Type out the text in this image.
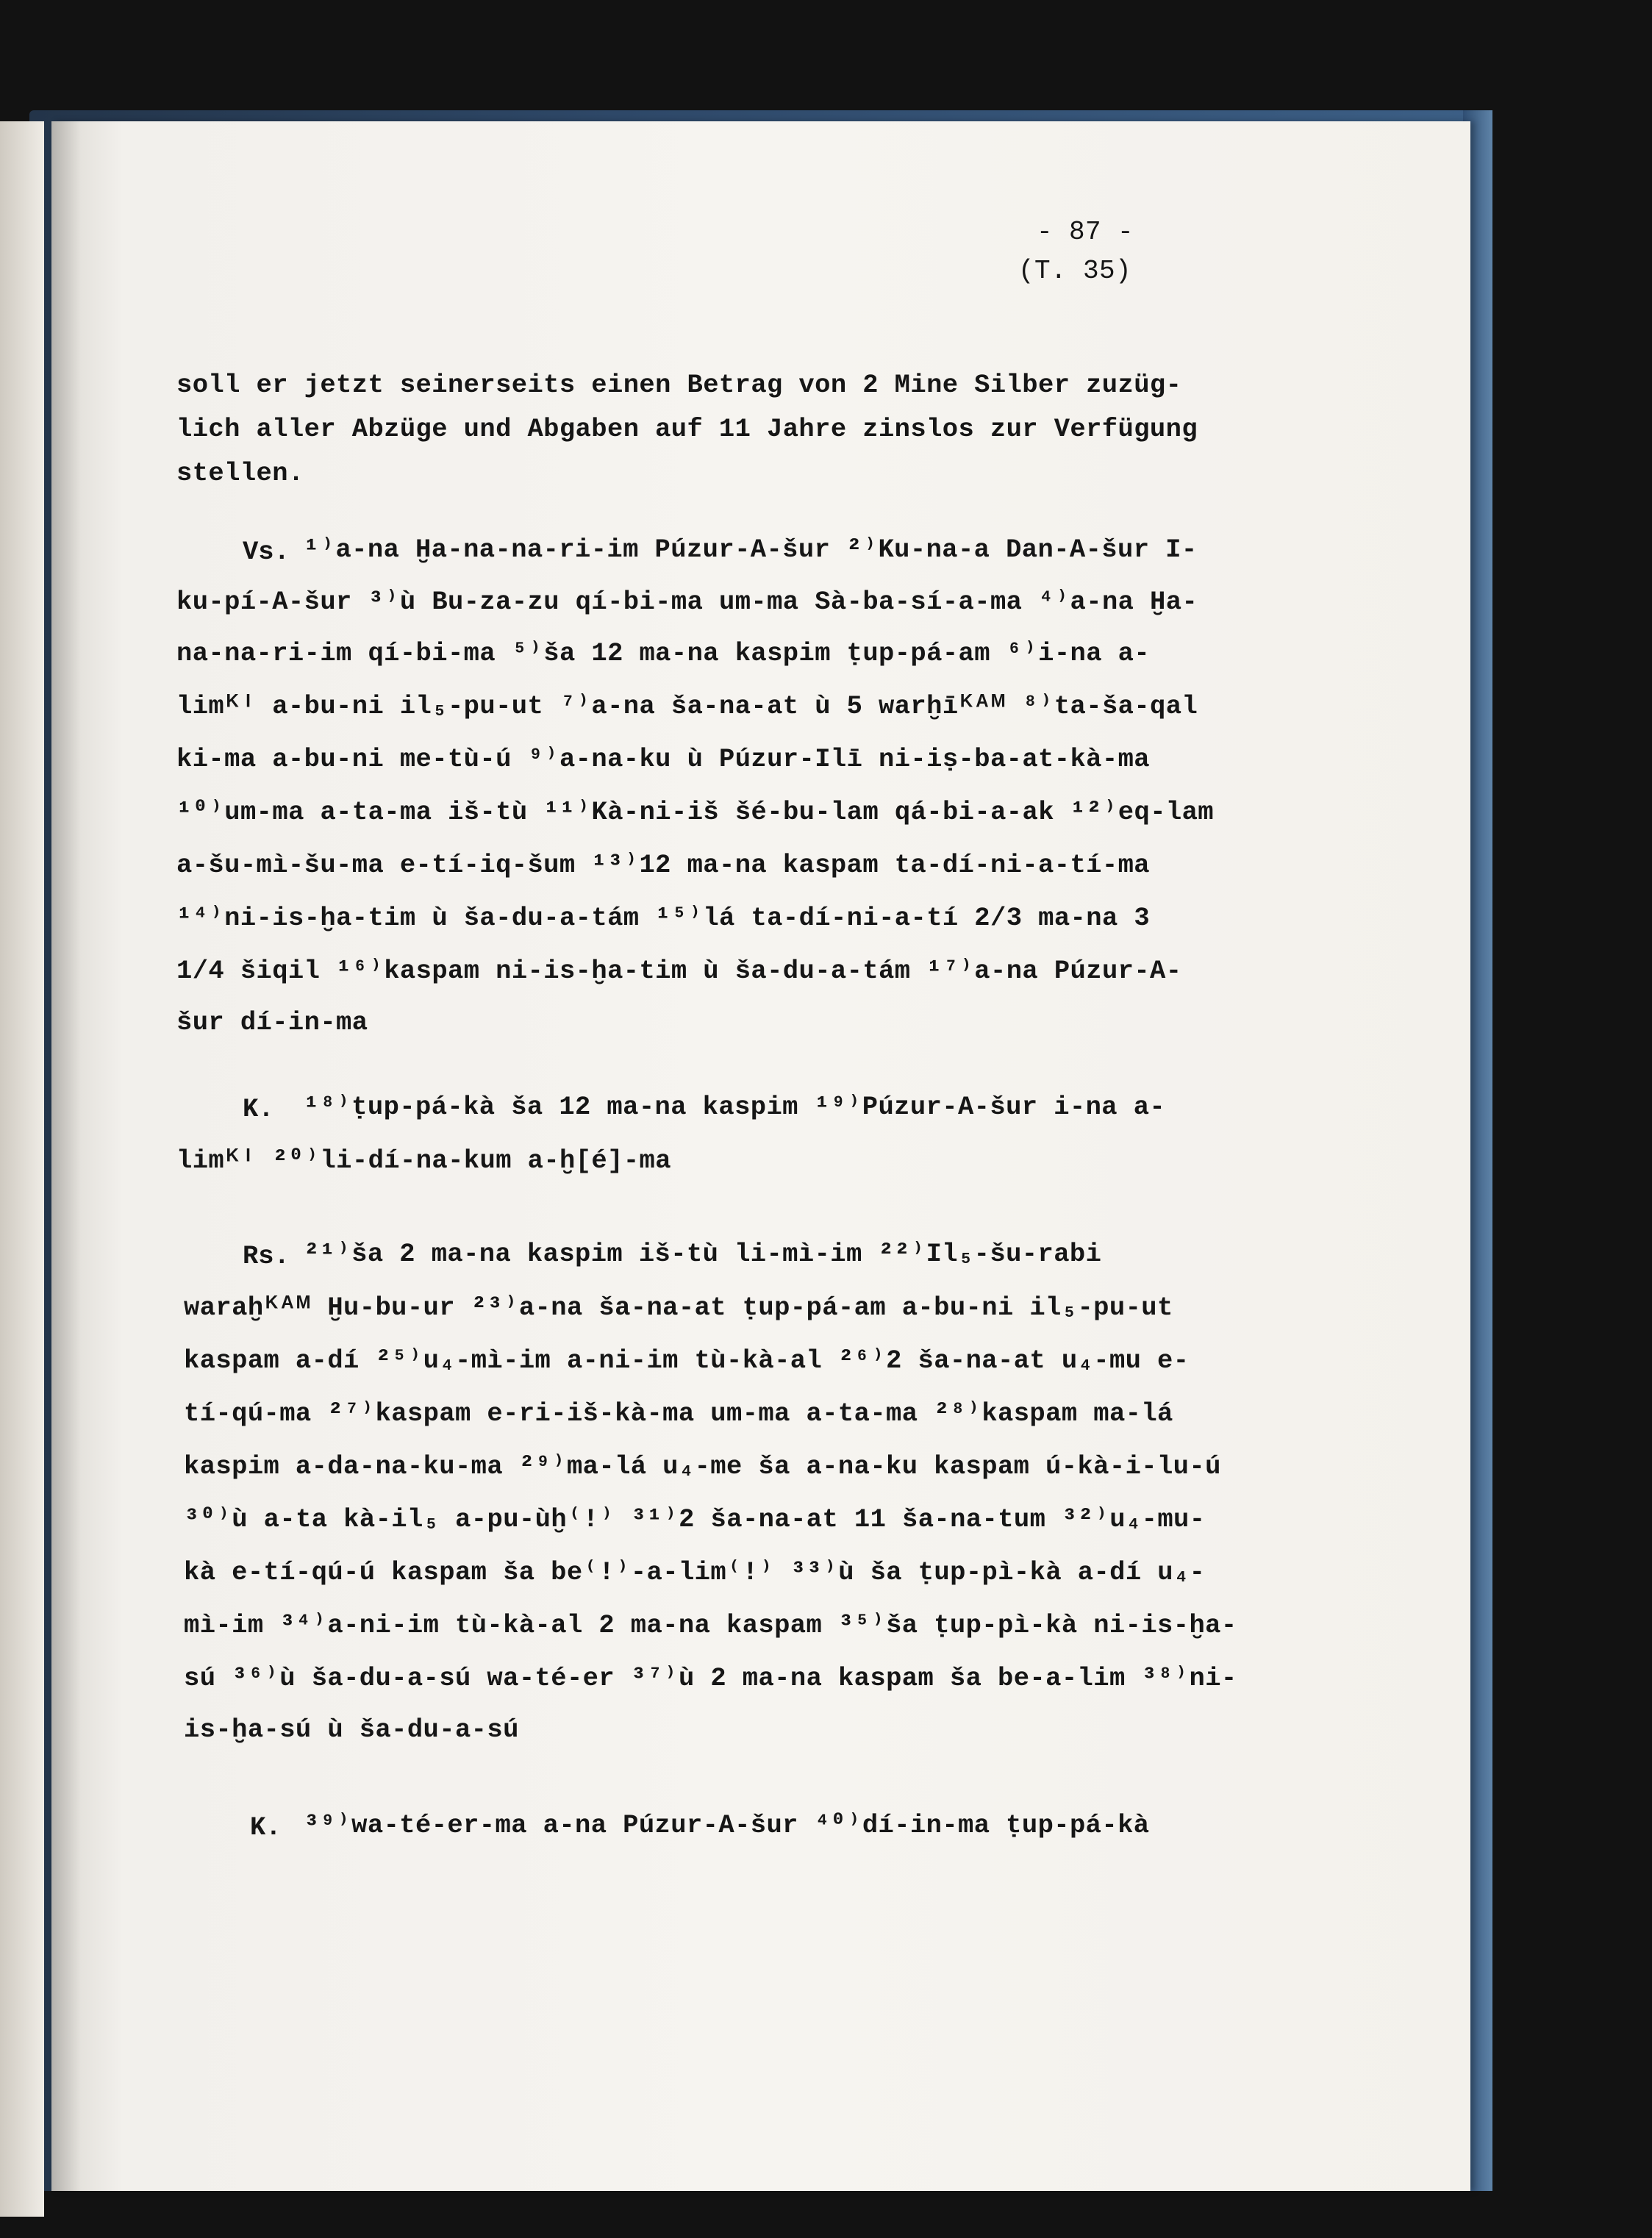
- 87 -
(T. 35)
soll er jetzt seinerseits einen Betrag von 2 Mine Silber zuzüg-
lich aller Abzüge und Abgaben auf 11 Jahre zinslos zur Verfügung
stellen.
Vs. ¹⁾a-na Ḫa-na-na-ri-im Púzur-A-šur ²⁾Ku-na-a Dan-A-šur I-
ku-pí-A-šur ³⁾ù Bu-za-zu qí-bi-ma um-ma Sà-ba-sí-a-ma ⁴⁾a-na Ḫa-
na-na-ri-im qí-bi-ma ⁵⁾ša 12 ma-na kaspim ṭup-pá-am ⁶⁾i-na a-
limᴷᴵ a-bu-ni il₅-pu-ut ⁷⁾a-na ša-na-at ù 5 warḫīᴷᴬᴹ ⁸⁾ta-ša-qal
ki-ma a-bu-ni me-tù-ú ⁹⁾a-na-ku ù Púzur-Ilī ni-iṣ-ba-at-kà-ma
¹⁰⁾um-ma a-ta-ma iš-tù ¹¹⁾Kà-ni-iš šé-bu-lam qá-bi-a-ak ¹²⁾eq-lam
a-šu-mì-šu-ma e-tí-iq-šum ¹³⁾12 ma-na kaspam ta-dí-ni-a-tí-ma
¹⁴⁾ni-is-ḫa-tim ù ša-du-a-tám ¹⁵⁾lá ta-dí-ni-a-tí 2/3 ma-na 3
1/4 šiqil ¹⁶⁾kaspam ni-is-ḫa-tim ù ša-du-a-tám ¹⁷⁾a-na Púzur-A-
šur dí-in-ma
K. ¹⁸⁾ṭup-pá-kà ša 12 ma-na kaspim ¹⁹⁾Púzur-A-šur i-na a-
limᴷᴵ ²⁰⁾li-dí-na-kum a-ḫ[é]-ma
Rs. ²¹⁾ša 2 ma-na kaspim iš-tù li-mì-im ²²⁾Il₅-šu-rabi
waraḫᴷᴬᴹ Ḫu-bu-ur ²³⁾a-na ša-na-at ṭup-pá-am a-bu-ni il₅-pu-ut
kaspam a-dí ²⁵⁾u₄-mì-im a-ni-im tù-kà-al ²⁶⁾2 ša-na-at u₄-mu e-
tí-qú-ma ²⁷⁾kaspam e-ri-iš-kà-ma um-ma a-ta-ma ²⁸⁾kaspam ma-lá
kaspim a-da-na-ku-ma ²⁹⁾ma-lá u₄-me ša a-na-ku kaspam ú-kà-i-lu-ú
³⁰⁾ù a-ta kà-il₅ a-pu-ùḫ⁽!⁾ ³¹⁾2 ša-na-at 11 ša-na-tum ³²⁾u₄-mu-
kà e-tí-qú-ú kaspam ša be⁽!⁾-a-lim⁽!⁾ ³³⁾ù ša ṭup-pì-kà a-dí u₄-
mì-im ³⁴⁾a-ni-im tù-kà-al 2 ma-na kaspam ³⁵⁾ša ṭup-pì-kà ni-is-ḫa-
sú ³⁶⁾ù ša-du-a-sú wa-té-er ³⁷⁾ù 2 ma-na kaspam ša be-a-lim ³⁸⁾ni-
is-ḫa-sú ù ša-du-a-sú
K. ³⁹⁾wa-té-er-ma a-na Púzur-A-šur ⁴⁰⁾dí-in-ma ṭup-pá-kà
